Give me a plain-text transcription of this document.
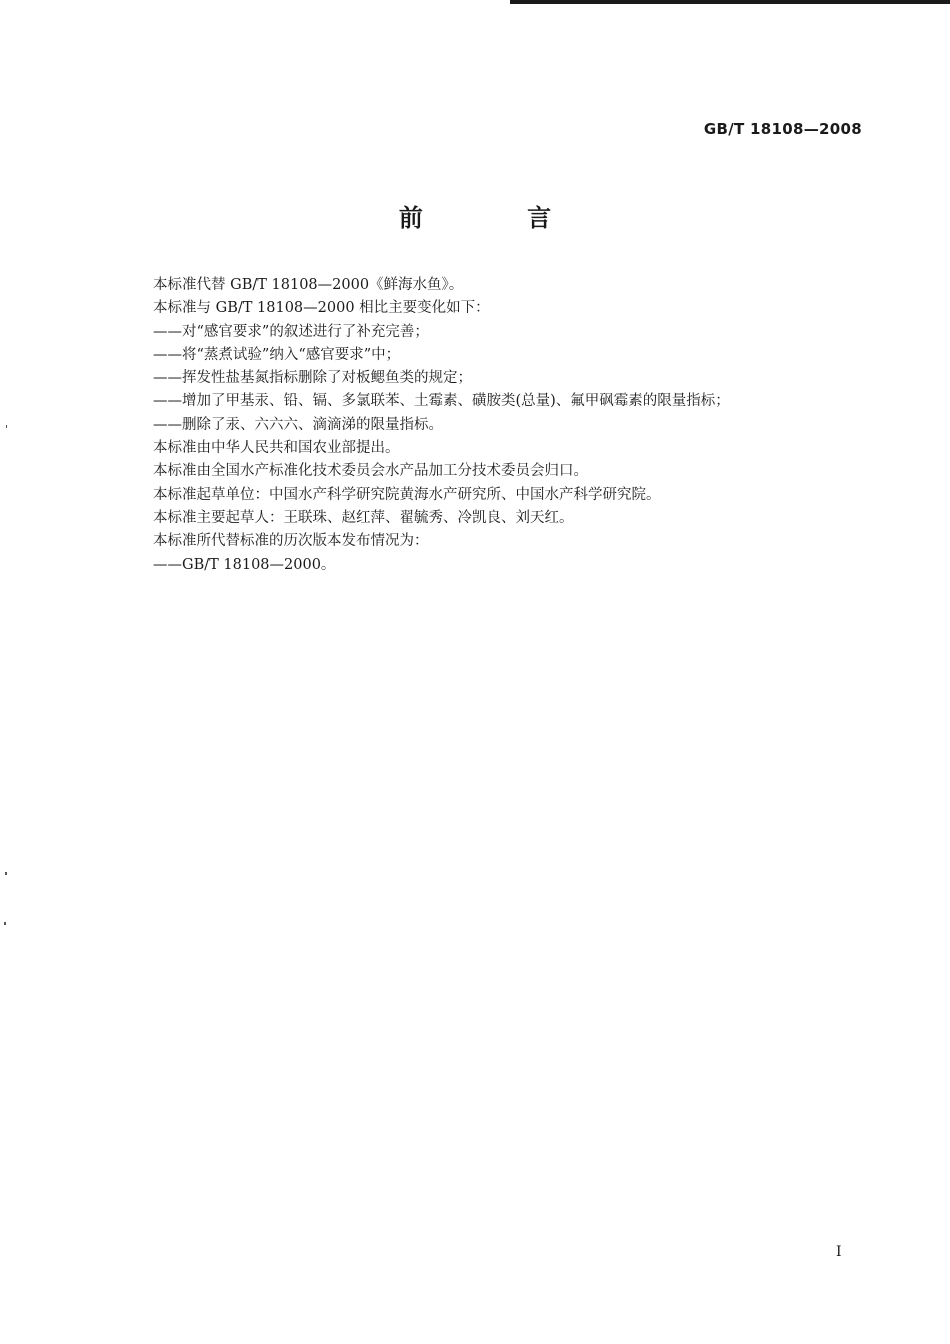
GB/T 18108—2008
前 言
本标准代替 GB/T 18108—2000《鲜海水鱼》。
本标准与 GB/T 18108—2000 相比主要变化如下：
——对“感官要求”的叙述进行了补充完善；
——将“蒸煮试验”纳入“感官要求”中；
——挥发性盐基氮指标删除了对板鳃鱼类的规定；
——增加了甲基汞、铅、镉、多氯联苯、土霉素、磺胺类(总量)、氟甲砜霉素的限量指标；
——删除了汞、六六六、滴滴涕的限量指标。
本标准由中华人民共和国农业部提出。
本标准由全国水产标准化技术委员会水产品加工分技术委员会归口。
本标准起草单位：中国水产科学研究院黄海水产研究所、中国水产科学研究院。
本标准主要起草人：王联珠、赵红萍、翟毓秀、冷凯良、刘天红。
本标准所代替标准的历次版本发布情况为：
——GB/T 18108—2000。
I
